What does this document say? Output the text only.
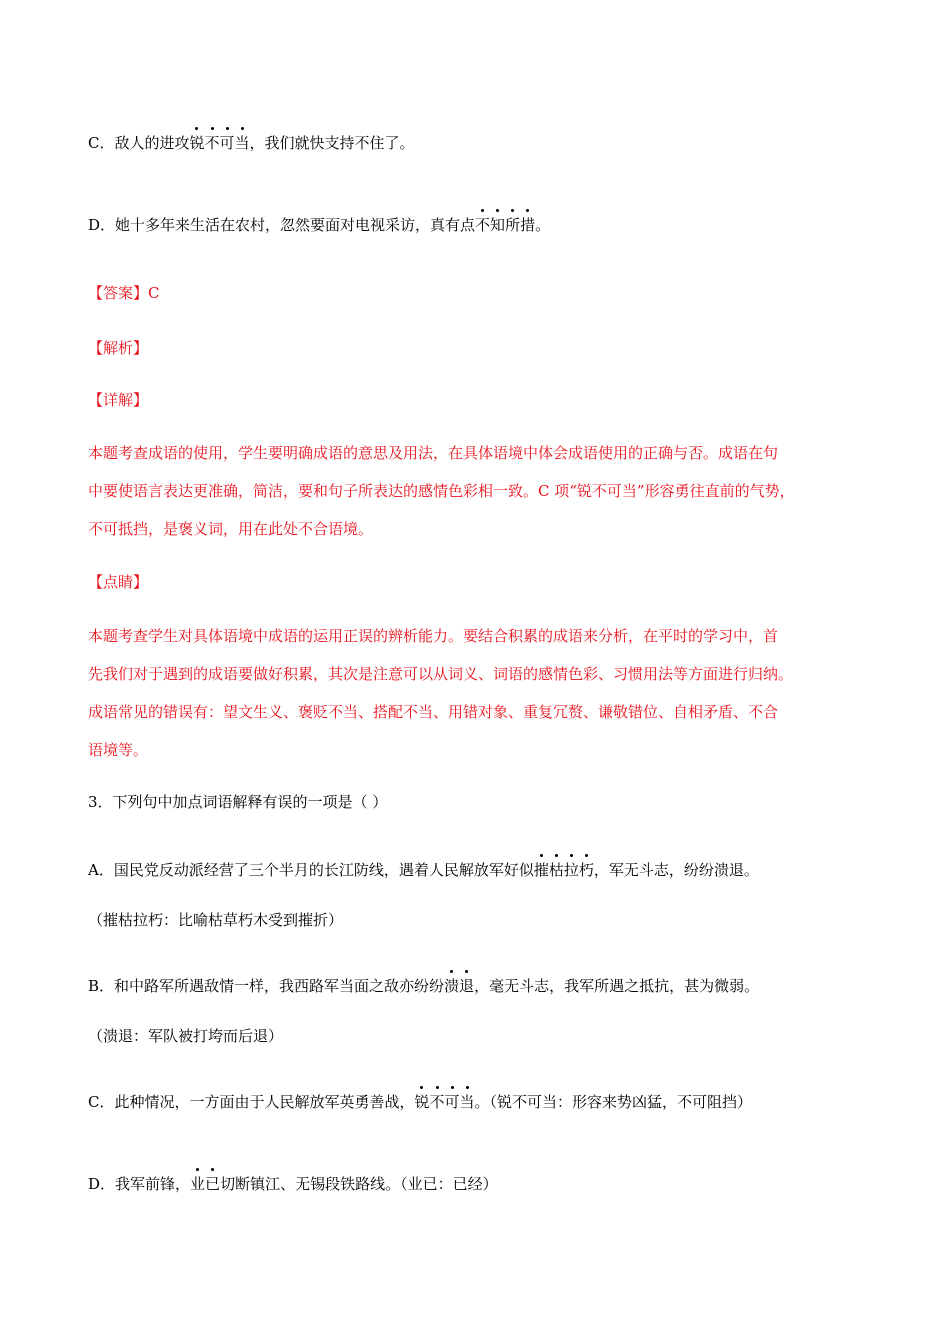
C．敌人的进攻锐不可当，我们就快支持不住了。
D．她十多年来生活在农村，忽然要面对电视采访，真有点不知所措。
【答案】C
【解析】
【详解】
本题考查成语的使用，学生要明确成语的意思及用法，在具体语境中体会成语使用的正确与否。成语在句
中要使语言表达更准确，简洁，要和句子所表达的感情色彩相一致。C 项“锐不可当”形容勇往直前的气势，
不可抵挡，是褒义词，用在此处不合语境。
【点睛】
本题考查学生对具体语境中成语的运用正误的辨析能力。要结合积累的成语来分析，在平时的学习中，首
先我们对于遇到的成语要做好积累，其次是注意可以从词义、词语的感情色彩、习惯用法等方面进行归纳。
成语常见的错误有：望文生义、褒贬不当、搭配不当、用错对象、重复冗赘、谦敬错位、自相矛盾、不合
语境等。
3．下列句中加点词语解释有误的一项是（ ）
A．国民党反动派经营了三个半月的长江防线，遇着人民解放军好似摧枯拉朽，军无斗志，纷纷溃退。
（摧枯拉朽：比喻枯草朽木受到摧折）
B．和中路军所遇敌情一样，我西路军当面之敌亦纷纷溃退，毫无斗志，我军所遇之抵抗，甚为微弱。
（溃退：军队被打垮而后退）
C．此种情况，一方面由于人民解放军英勇善战，锐不可当。（锐不可当：形容来势凶猛，不可阻挡）
D．我军前锋，业已切断镇江、无锡段铁路线。（业已：已经）
